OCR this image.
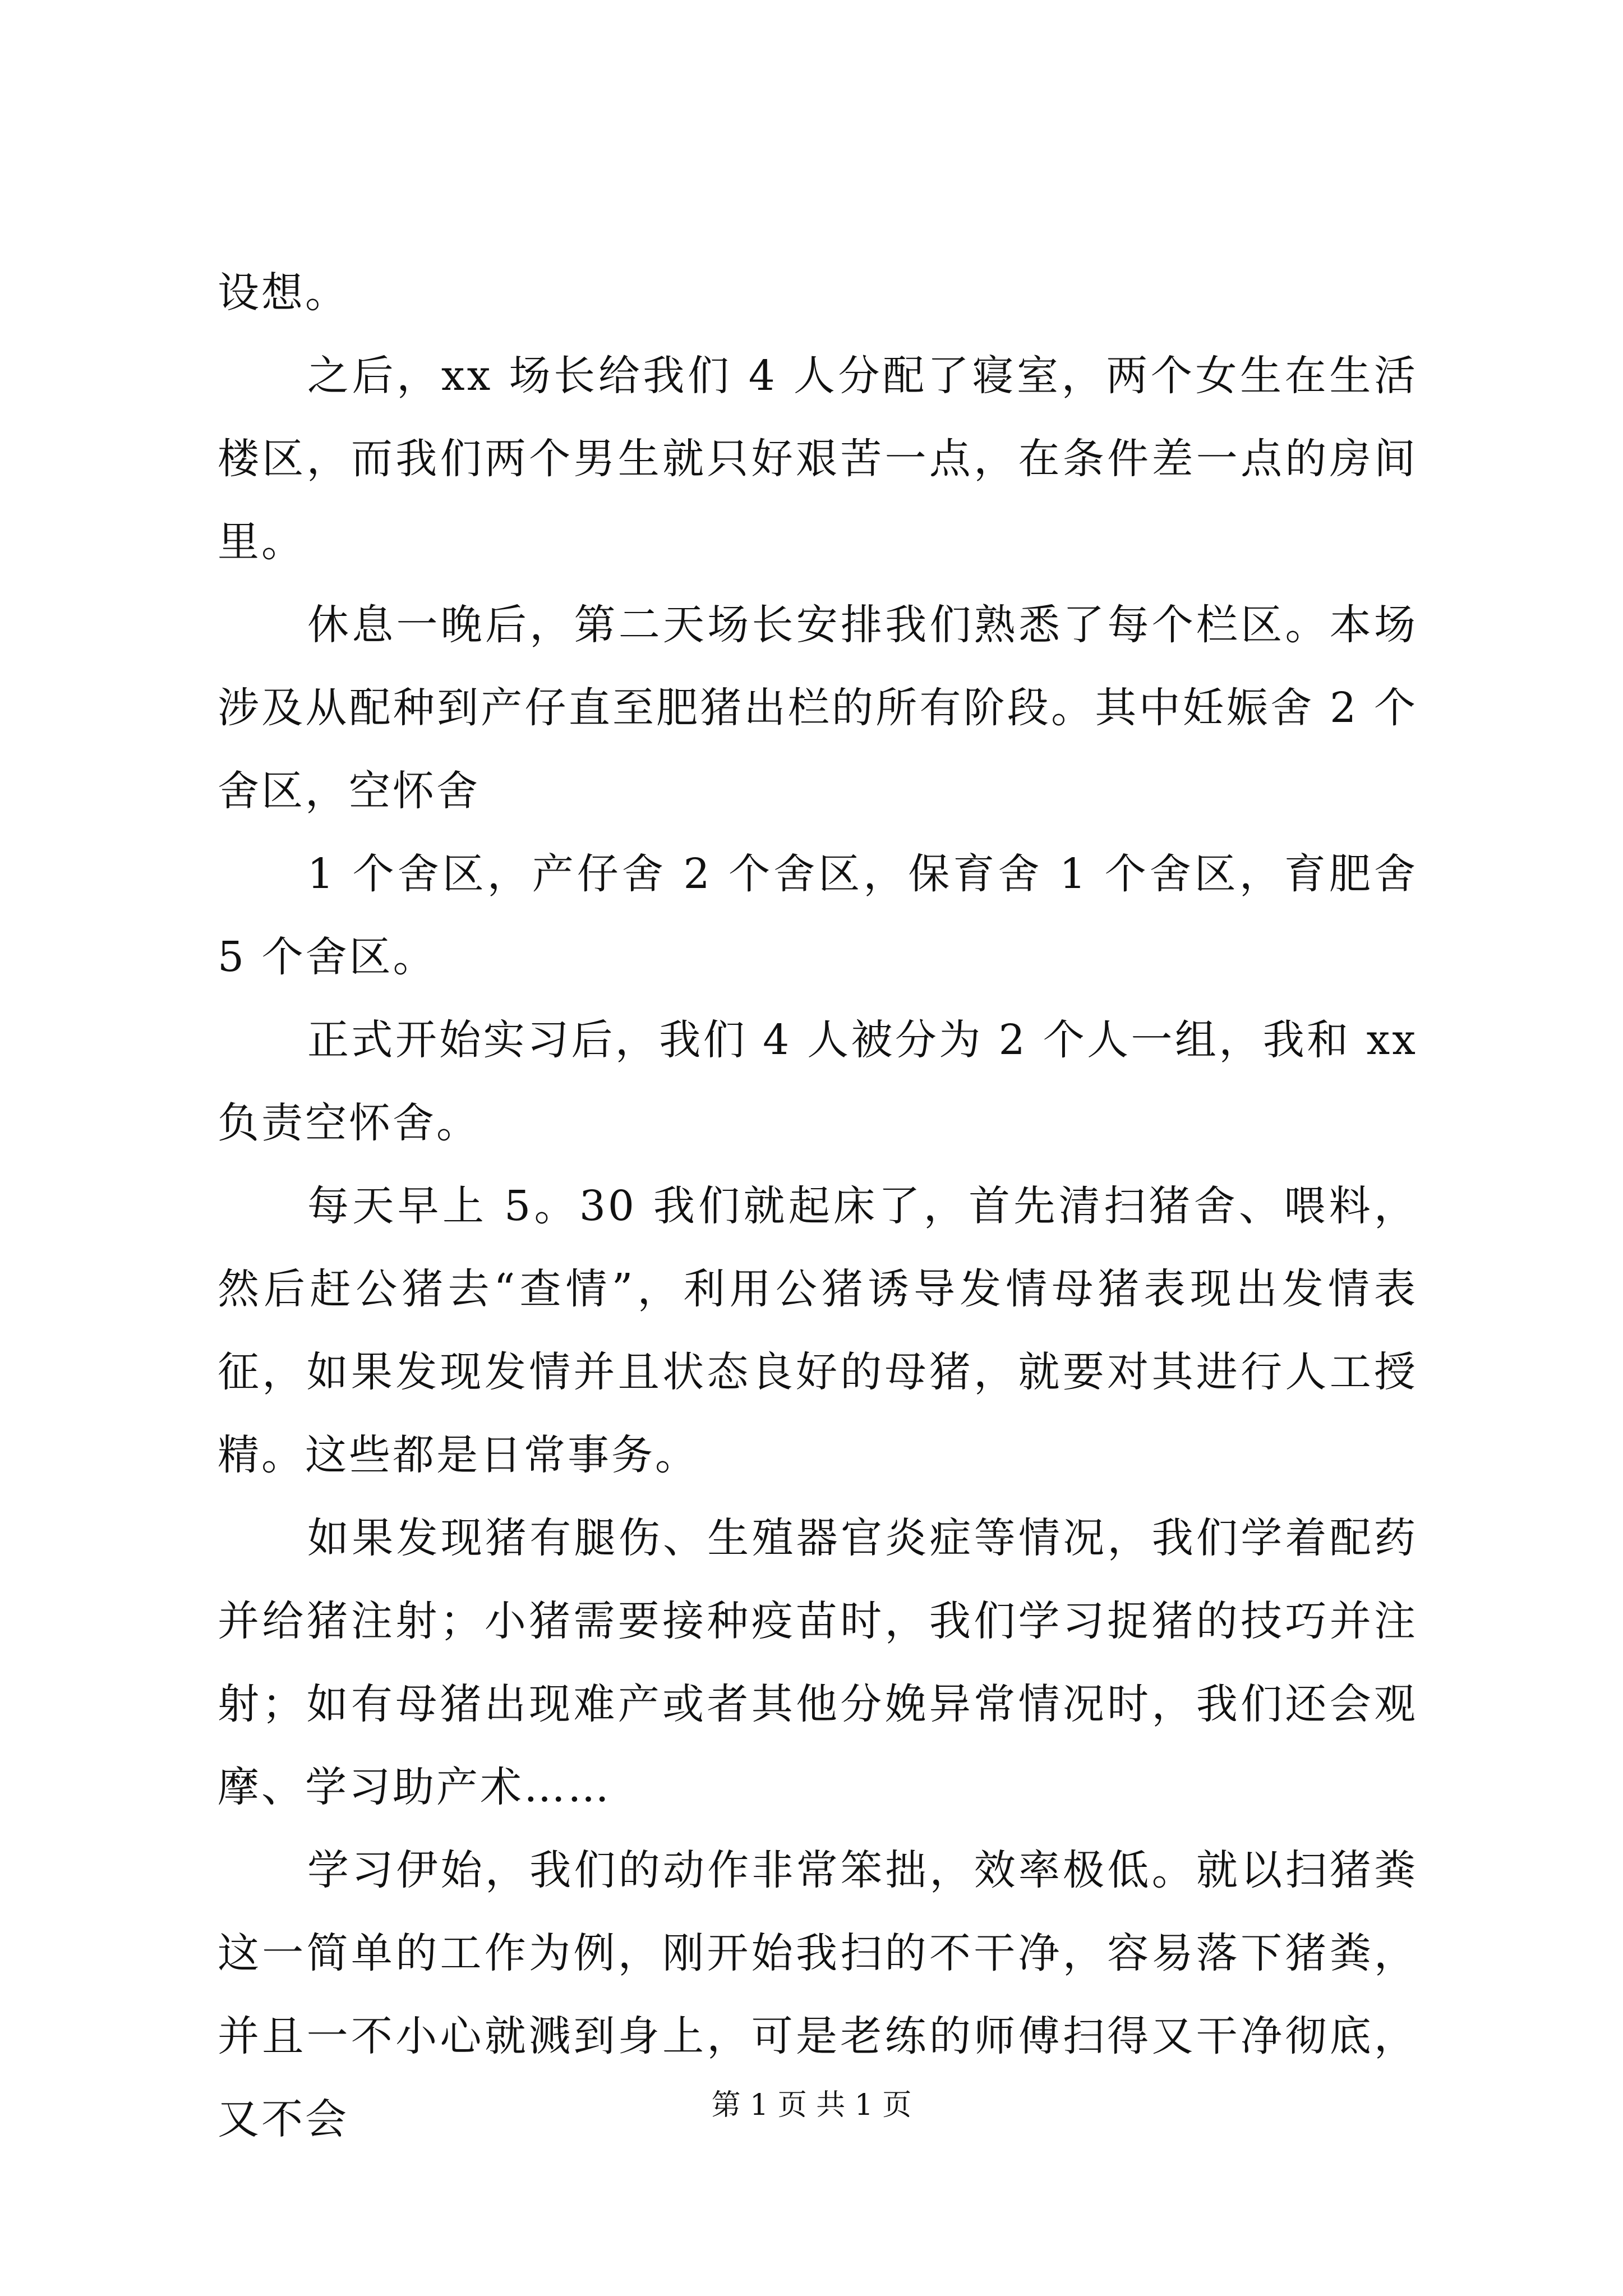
设想。

之后，xx 场长给我们 4 人分配了寝室，两个女生在生活楼区，而我们两个男生就只好艰苦一点，在条件差一点的房间里。

休息一晚后，第二天场长安排我们熟悉了每个栏区。本场涉及从配种到产仔直至肥猪出栏的所有阶段。其中妊娠舍 2 个舍区，空怀舍

1 个舍区，产仔舍 2 个舍区，保育舍 1 个舍区，育肥舍 5 个舍区。

正式开始实习后，我们 4 人被分为 2 个人一组，我和 xx 负责空怀舍。

每天早上 5。30 我们就起床了，首先清扫猪舍、喂料，然后赶公猪去“查情”，利用公猪诱导发情母猪表现出发情表征，如果发现发情并且状态良好的母猪，就要对其进行人工授精。这些都是日常事务。

如果发现猪有腿伤、生殖器官炎症等情况，我们学着配药并给猪注射；小猪需要接种疫苗时，我们学习捉猪的技巧并注射；如有母猪出现难产或者其他分娩异常情况时，我们还会观摩、学习助产术……

学习伊始，我们的动作非常笨拙，效率极低。就以扫猪粪这一简单的工作为例，刚开始我扫的不干净，容易落下猪粪，并且一不小心就溅到身上，可是老练的师傅扫得又干净彻底，又不会	第 1 页 共 1 页
